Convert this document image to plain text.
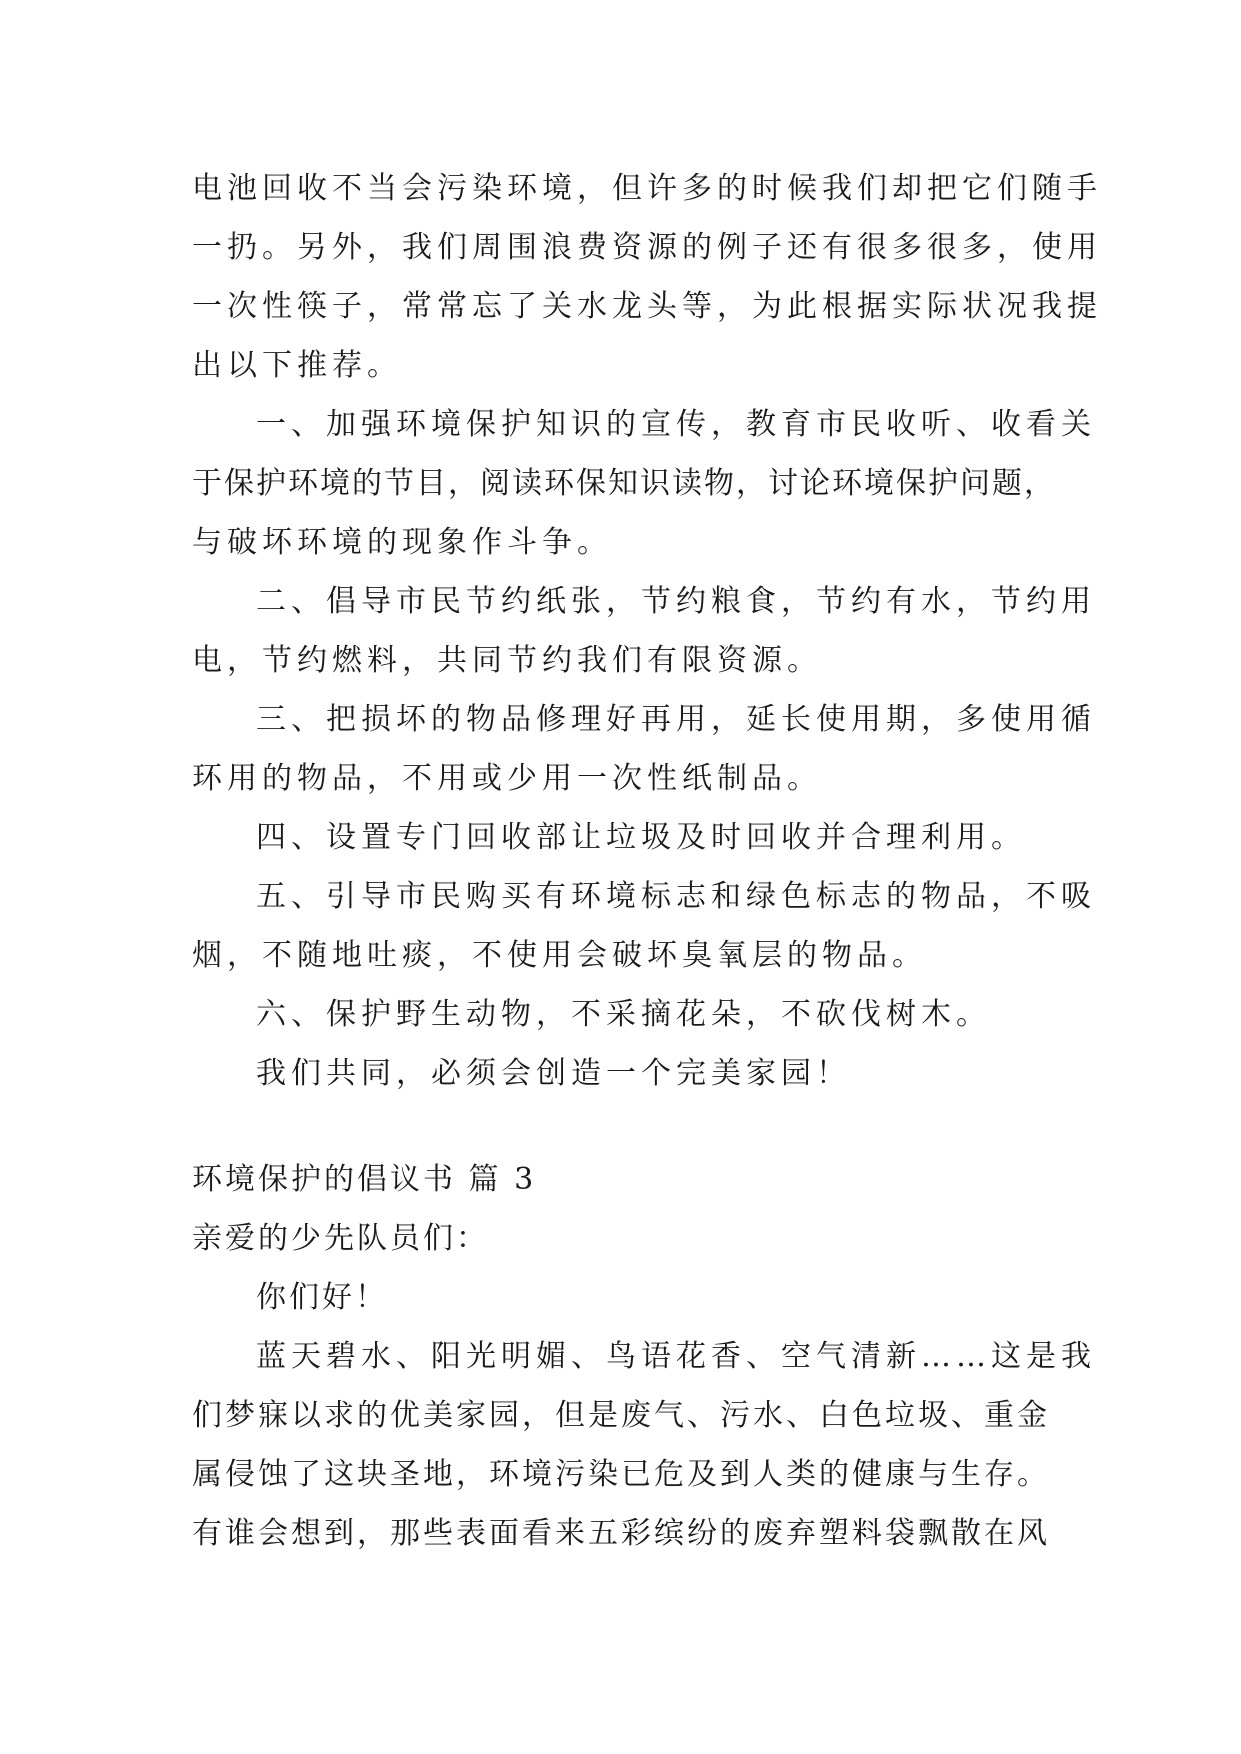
电池回收不当会污染环境，但许多的时候我们却把它们随手
一扔。另外，我们周围浪费资源的例子还有很多很多，使用
一次性筷子，常常忘了关水龙头等，为此根据实际状况我提
出以下推荐。
一、加强环境保护知识的宣传，教育市民收听、收看关
于保护环境的节目，阅读环保知识读物，讨论环境保护问题，
与破坏环境的现象作斗争。
二、倡导市民节约纸张，节约粮食，节约有水，节约用
电，节约燃料，共同节约我们有限资源。
三、把损坏的物品修理好再用，延长使用期，多使用循
环用的物品，不用或少用一次性纸制品。
四、设置专门回收部让垃圾及时回收并合理利用。
五、引导市民购买有环境标志和绿色标志的物品，不吸
烟，不随地吐痰，不使用会破坏臭氧层的物品。
六、保护野生动物，不采摘花朵，不砍伐树木。
我们共同，必须会创造一个完美家园！
环境保护的倡议书 篇 3
亲爱的少先队员们：
你们好！
蓝天碧水、阳光明媚、鸟语花香、空气清新……这是我
们梦寐以求的优美家园，但是废气、污水、白色垃圾、重金
属侵蚀了这块圣地，环境污染已危及到人类的健康与生存。
有谁会想到，那些表面看来五彩缤纷的废弃塑料袋飘散在风
